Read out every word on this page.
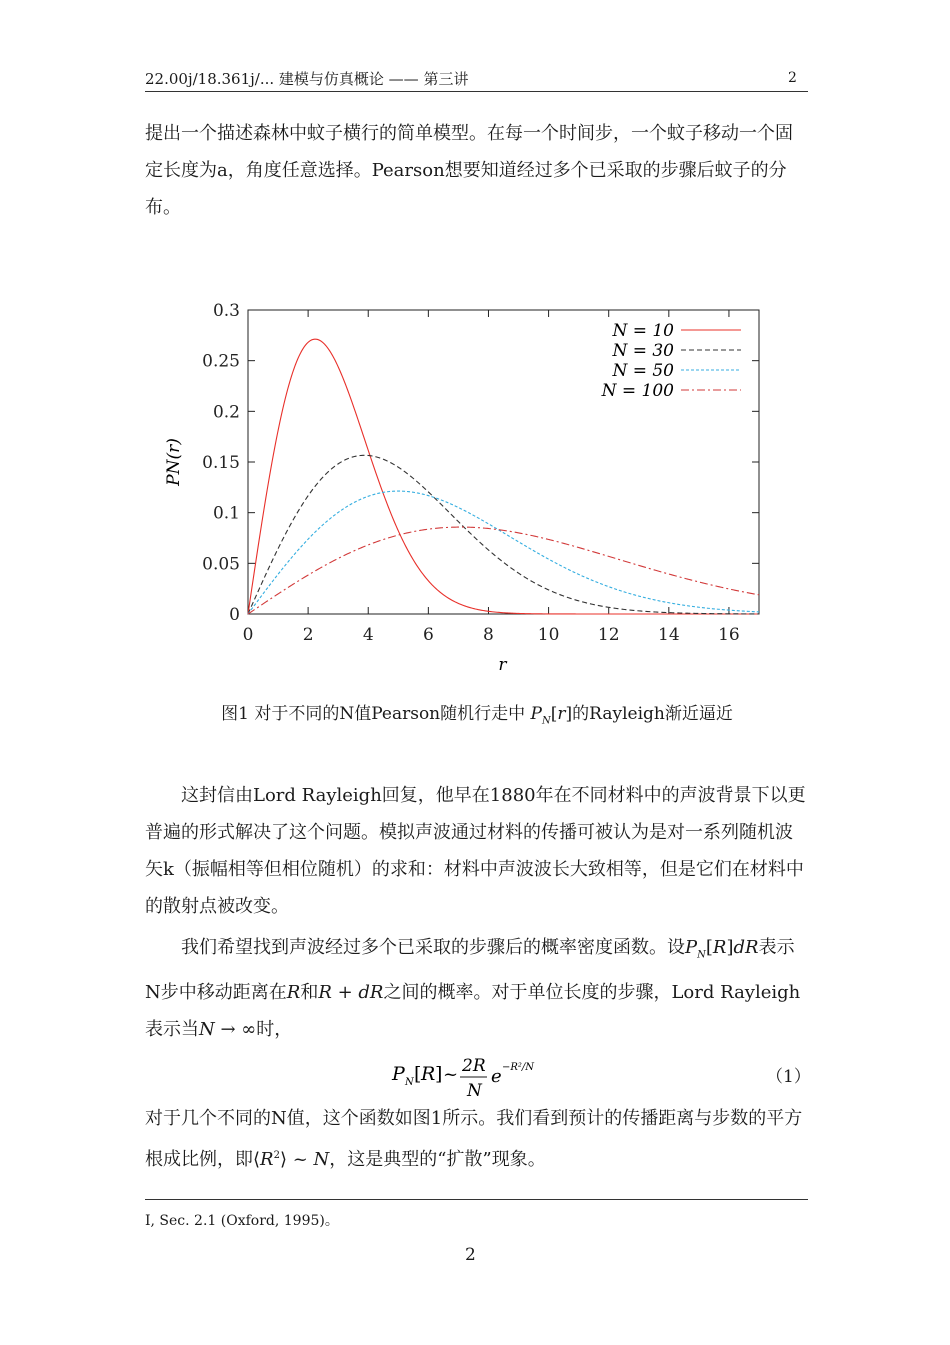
22.00j/18.361j/... 建模与仿真概论 —— 第三讲	2
提出一个描述森林中蚊子横行的简单模型。在每一个时间步，一个蚊子移动一个固定长度为a，角度任意选择。Pearson想要知道经过多个已采取的步骤后蚊子的分布。
0	2	4	6	8	10 12 14 16
0
0.05
0.1
0.15
0.2
0.25
0.3
r
PN(r)
N = 10
N = 30
N = 50
N = 100
图1 对于不同的N值Pearson随机行走中 $P_N[r]$的Rayleigh渐近逼近
这封信由Lord Rayleigh回复，他早在1880年在不同材料中的声波背景下以更普遍的形式解决了这个问题。模拟声波通过材料的传播可被认为是对一系列随机波矢k（振幅相等但相位随机）的求和：材料中声波波长大致相等，但是它们在材料中的散射点被改变。
我们希望找到声波经过多个已采取的步骤后的概率密度函数。设$P_N[R]dR$表示N步中移动距离在R和R + dR之间的概率。对于单位长度的步骤，Lord Rayleigh表示当N → ∞时，
P N [ R ] ~ 2R
N
e −R²/N	（1）
对于几个不同的N值，这个函数如图1所示。我们看到预计的传播距离与步数的平方根成比例，即$⟨R^2⟩$ ~ N，这是典型的“扩散”现象。
Ⅰ, Sec. 2.1 (Oxford, 1995)。
2
